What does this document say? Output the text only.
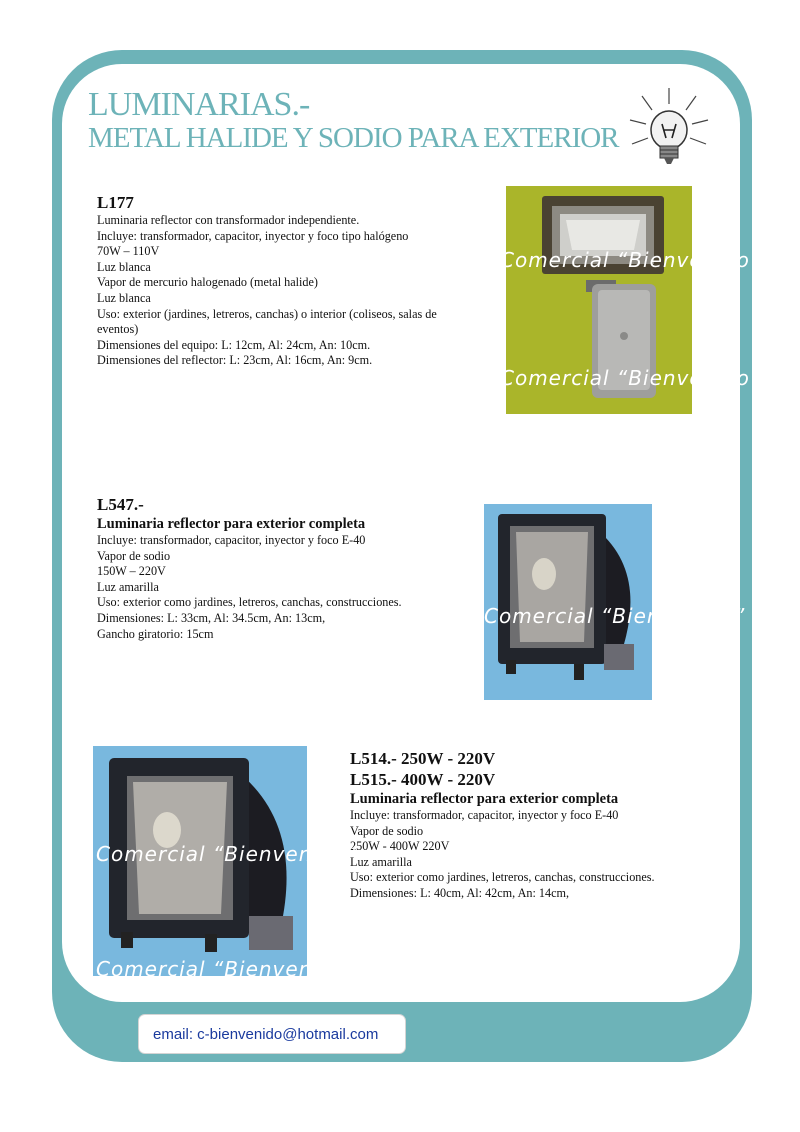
LUMINARIAS.-
METAL HALIDE Y SODIO PARA EXTERIOR
L177
Luminaria reflector con transformador independiente.
Incluye: transformador, capacitor, inyector y foco tipo halógeno
70W – 110V
Luz blanca
Vapor de mercurio halogenado (metal halide)
Luz blanca
Uso: exterior (jardines, letreros, canchas) o interior (coliseos, salas de
eventos)
Dimensiones del equipo: L: 12cm, Al: 24cm, An: 10cm.
Dimensiones del reflector: L: 23cm, Al: 16cm, An: 9cm.
L547.-
Luminaria reflector para exterior completa
Incluye: transformador, capacitor, inyector y foco E-40
Vapor de sodio
150W – 220V
Luz amarilla
Uso: exterior como jardines, letreros, canchas, construcciones.
Dimensiones: L: 33cm, Al: 34.5cm, An: 13cm,
Gancho giratorio: 15cm
L514.- 250W - 220V
L515.- 400W - 220V
Luminaria reflector para exterior completa
Incluye: transformador, capacitor, inyector y foco E-40
Vapor de sodio
250W - 400W 220V
Luz amarilla
Uso: exterior como jardines, letreros, canchas, construcciones.
Dimensiones: L: 40cm, Al: 42cm, An: 14cm,
Comercial “Bienvenido”
Comercial “Bienvenido”
Comercial “Bienvenido”
Comercial “Bienvenido”
Comercial “Bienvenido”
email: c-bienvenido@hotmail.com
